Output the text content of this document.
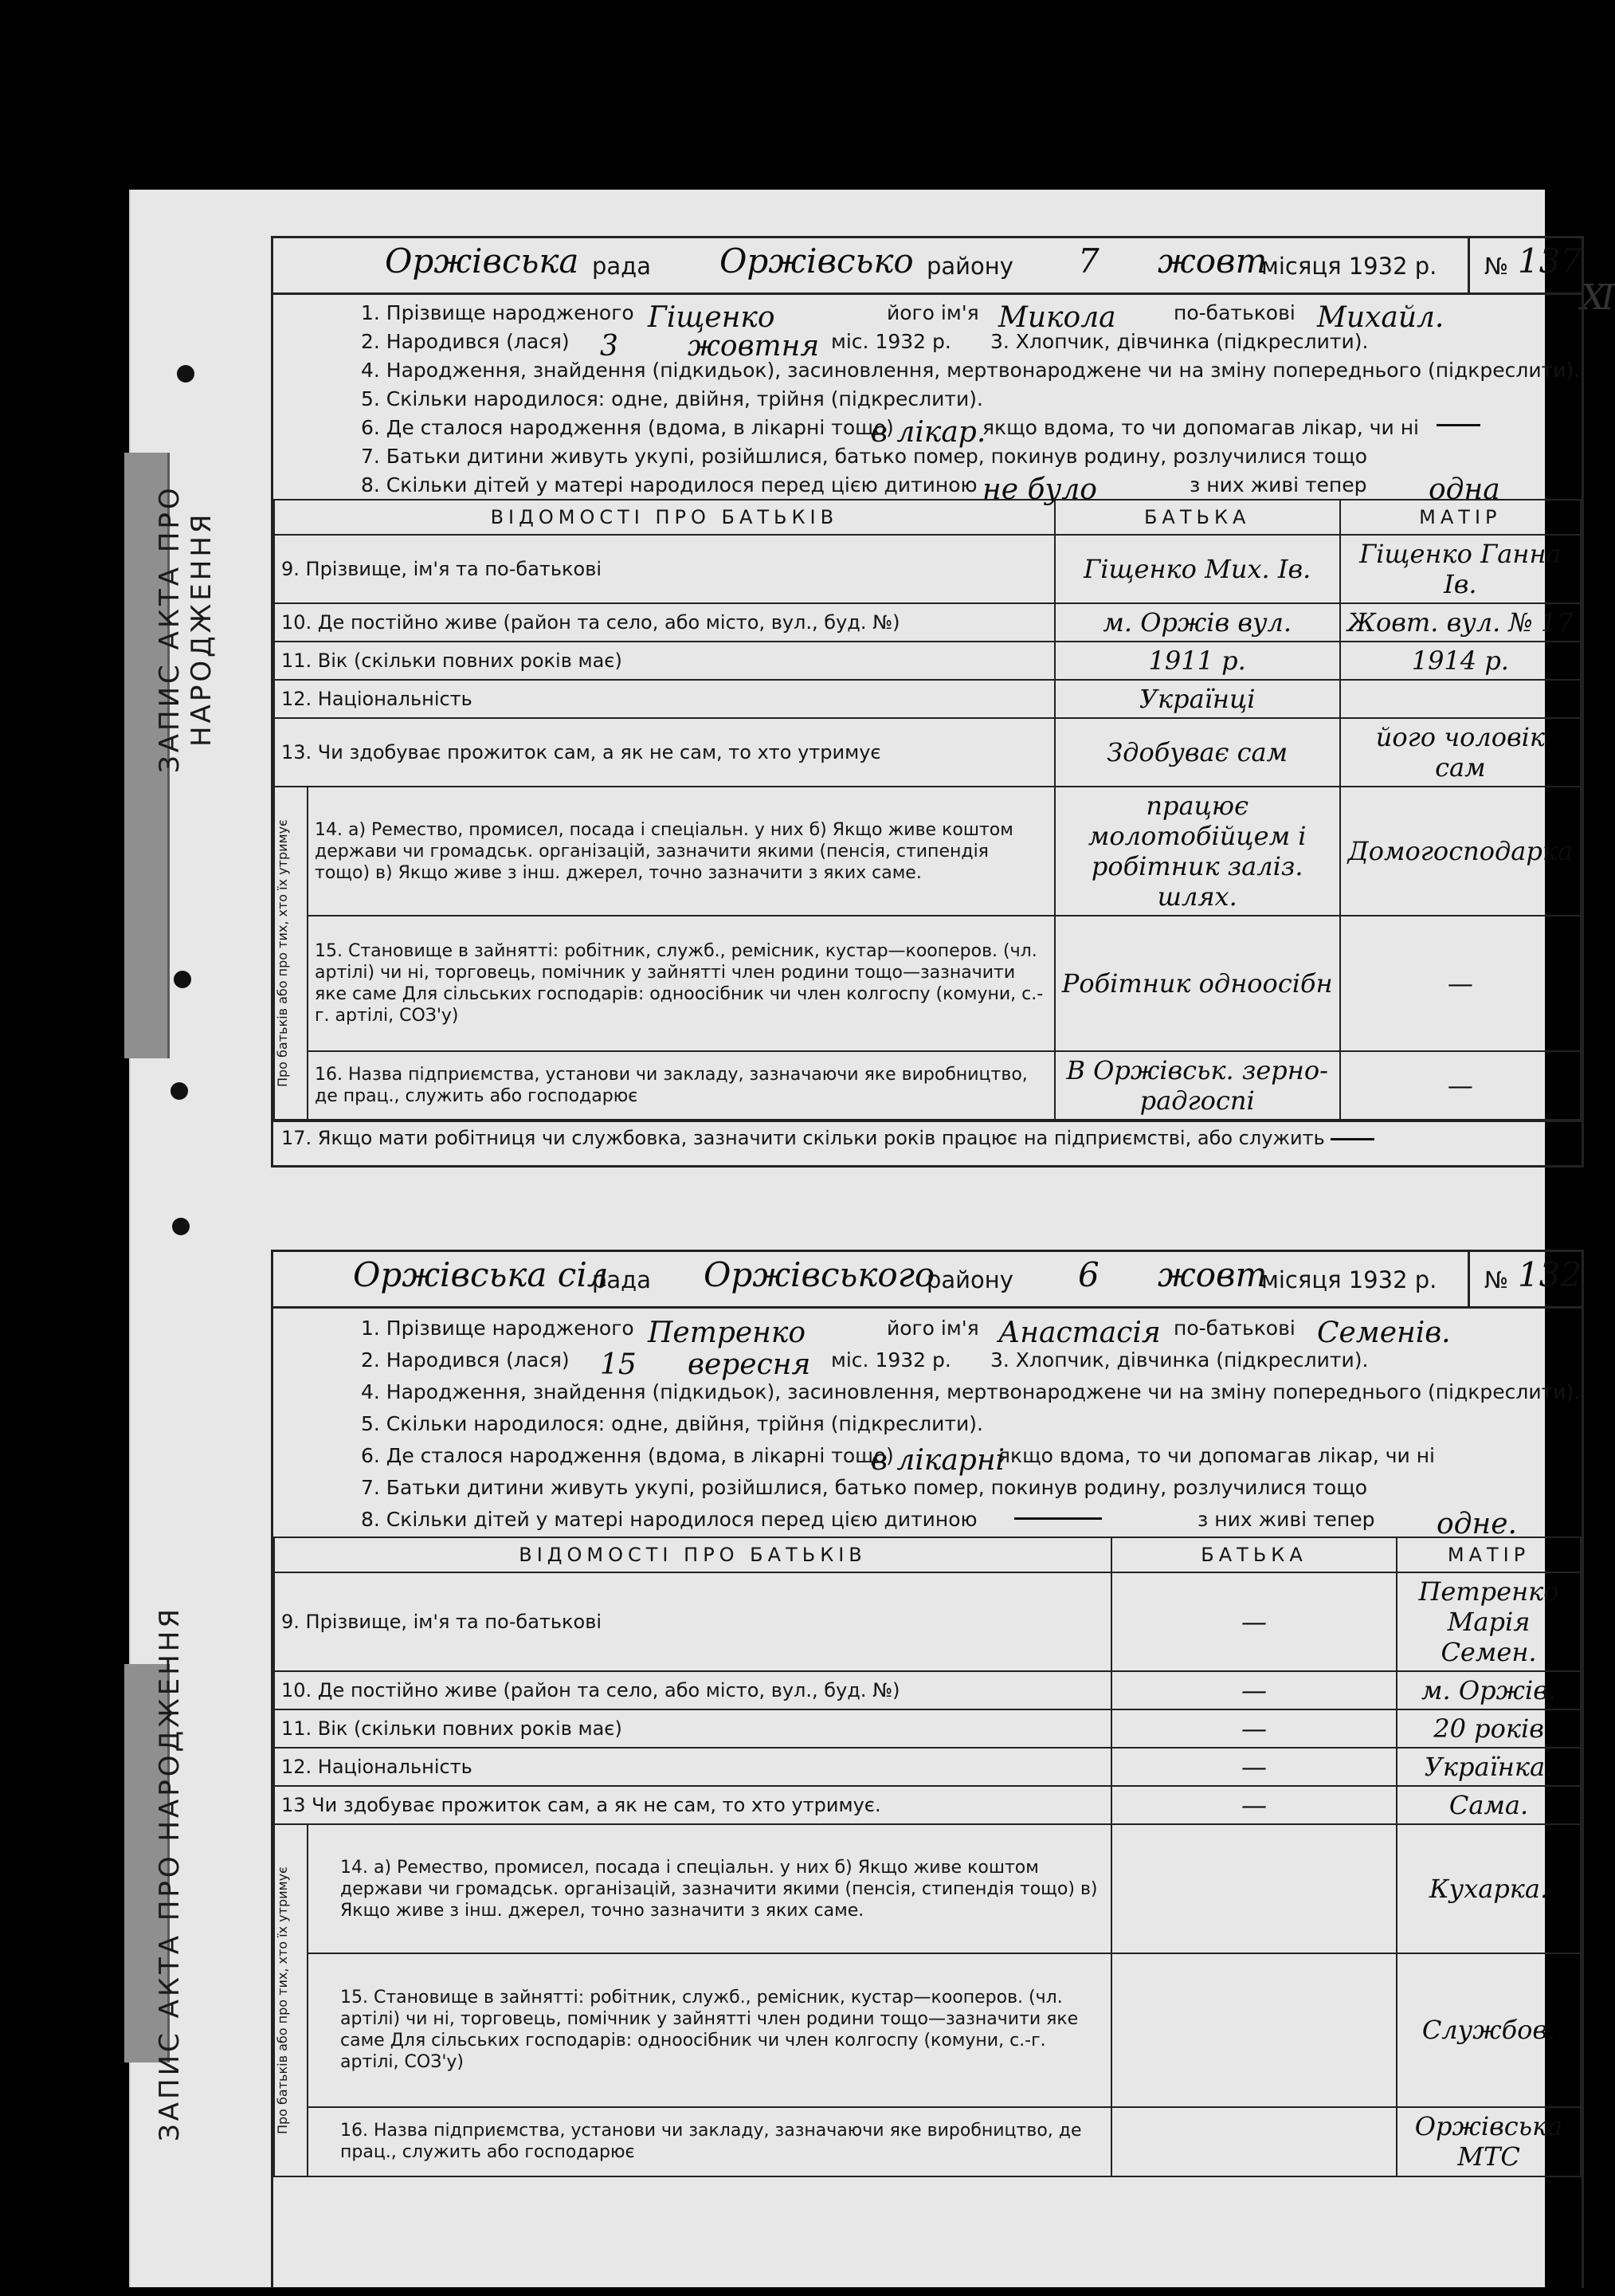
Ⅺ
ЗАПИС АКТА ПРО НАРОДЖЕННЯ
Оржівська рада Оржівсько району 7 жовт
місяця 1932 р. № 137
1. Прізвище народженого Гіщенко	його ім'я Микола	по-батькові Михайл.
2. Народився (лася) 3 жовтня міс. 1932 р. 3. Хлопчик, дівчинка (підкреслити).
4. Народження, знайдення (підкидьок), засиновлення, мертвонароджене чи на зміну попереднього (підкреслити).
5. Скільки народилося: одне, двійня, трійня (підкреслити).
6. Де сталося народження (вдома, в лікарні тощо)
в лікар.
якщо вдома, то чи допомагав лікар, чи ні
7. Батьки дитини живуть укупі, розійшлися, батько помер, покинув родину, розлучилися тощо
8. Скільки дітей у матері народилося перед цією дитиною не було	з них живі тепер одна
ВІДОМОСТІ ПРО БАТЬКІВ		БАТЬКА	МАТІР
9. Прізвище, ім'я та по-батькові		Гіщенко Мих. Ів.	Гіщенко Ганна Ів.
10. Де постійно живе (район та село, або місто, вул., буд. №)		м. Оржів вул.	Жовт. вул. № 17
11. Вік (скільки повних років має)		1911 р.	1914 р.
12. Національність		Українці	
13. Чи здобуває прожиток сам, а як не сам, то хто утримує		Здобуває сам	його чоловік сам

Про батьків або про тих, хто їх утримує	14. а) Ремество, промисел, посада і спеціальн. у них б) Якщо живе коштом держави чи громадськ. організацій, зазначити якими (пенсія, стипендія тощо) в) Якщо живе з інш. джерел, точно зазначити з яких саме.	працює молотобійцем і робітник заліз. шлях.	Домогосподарка
	15. Становище в зайнятті: робітник, служб., ремісник, кустар—кооперов. (чл. артілі) чи ні, торговець, помічник у зайнятті член родини тощо—зазначити яке саме Для сільських господарів: одноосібник чи член колгоспу (комуни, с.-г. артілі, СОЗ'у)	Робітник одноосібн	—
	16. Назва підприємства, установи чи закладу, зазначаючи яке виробництво, де прац., служить або господарює	В Оржівськ. зерно-радгоспі	—
17. Якщо мати робітниця чи службовка, зазначити скільки років працює на підприємстві, або служить
ЗАПИС АКТА ПРО НАРОДЖЕННЯ
Оржівська сіл
рада Оржівського
району 6 жовт
місяця 1932 р. № 132
1. Прізвище народженого Петренко	його ім'я Анастасія по-батькові Семенів.
2. Народився (лася) 15 вересня міс. 1932 р. 3. Хлопчик, дівчинка (підкреслити).
4. Народження, знайдення (підкидьок), засиновлення, мертвонароджене чи на зміну попереднього (підкреслити).
5. Скільки народилося: одне, двійня, трійня (підкреслити).
6. Де сталося народження (вдома, в лікарні тощо)
в лікарні
якщо вдома, то чи допомагав лікар, чи ні
7. Батьки дитини живуть укупі, розійшлися, батько помер, покинув родину, розлучилися тощо
8. Скільки дітей у матері народилося перед цією дитиною	з них живі тепер одне.
ВІДОМОСТІ ПРО БАТЬКІВ		БАТЬКА	МАТІР
9. Прізвище, ім'я та по-батькові		—	Петренко Марія Семен.
10. Де постійно живе (район та село, або місто, вул., буд. №)		—	м. Оржів.
11. Вік (скільки повних років має)		—	20 років
12. Національність		—	Українка.
13 Чи здобуває прожиток сам, а як не сам, то хто утримує.		—	Сама.

Про батьків або про тих, хто їх утримує	14. а) Ремество, промисел, посада і спеціальн. у них б) Якщо живе коштом держави чи громадськ. організацій, зазначити якими (пенсія, стипендія тощо) в) Якщо живе з інш. джерел, точно зазначити з яких саме.		Кухарка.
	15. Становище в зайнятті: робітник, служб., ремісник, кустар—кооперов. (чл. артілі) чи ні, торговець, помічник у зайнятті член родини тощо—зазначити яке саме Для сільських господарів: одноосібник чи член колгоспу (комуни, с.-г. артілі, СОЗ'у)		Службов.
	16. Назва підприємства, установи чи закладу, зазначаючи яке виробництво, де прац., служить або господарює		Оржівська МТС
